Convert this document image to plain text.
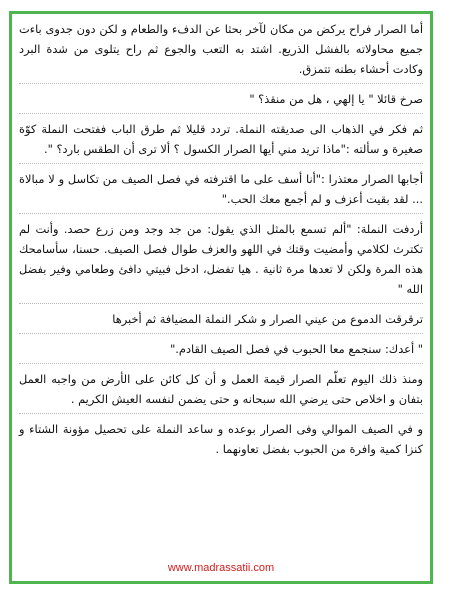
أما الصرار فراح يركض من مكان لآخر بحثا عن الدفء والطعام و لكن دون جدوى باءت جميع محاولاته بالفشل الذريع. اشتد به التعب والجوع ثم راح يتلوى من شدة البرد وكادت أحشاء بطنه تتمزق.

صرخ قائلا " يا إلهي ، هل من منقذ؟ "

ثم فكر في الذهاب الى صديقته النملة. تردد قليلا ثم طرق الباب ففتحت النملة كوّة صغيرة و سألته :"ماذا تريد مني أيها الصرار الكسول ؟ ألا ترى أن الطقس بارد؟ ".

أجابها الصرار معتذرا :"أنا أسف على ما اقترفته في فصل الصيف من تكاسل و لا مبالاة ... لقد بقيت أعزف و لم أجمع معك الحب."

أردفت النملة: "ألم تسمع بالمثل الذي يقول: من جد وجد ومن زرع حصد. وأنت لم تكترث لكلامي وأمضيت وقتك في اللهو والعزف طوال فصل الصيف. حسنا، سأسامحك هذه المرة ولكن لا تعدها مرة ثانية . هيا تفضل، ادخل فبيتي دافئ وطعامي وفير بفضل الله "

ترقرقت الدموع من عيني الصرار و شكر النملة المضيافة ثم أخبرها

" أعدك: سنجمع معا الحبوب في فصل الصيف القادم."

ومنذ ذلك اليوم تعلّم الصرار قيمة العمل و أن كل كائن على الأرض من واجبه العمل بتفان و اخلاص حتى يرضي الله سبحانه و حتى يضمن لنفسه العيش الكريم .

و في الصيف الموالي وفى الصرار بوعده و ساعد النملة على تحصيل مؤونة الشتاء و كنزا كمية وافرة من الحبوب بفضل تعاونهما .

www.madrassatii.com
